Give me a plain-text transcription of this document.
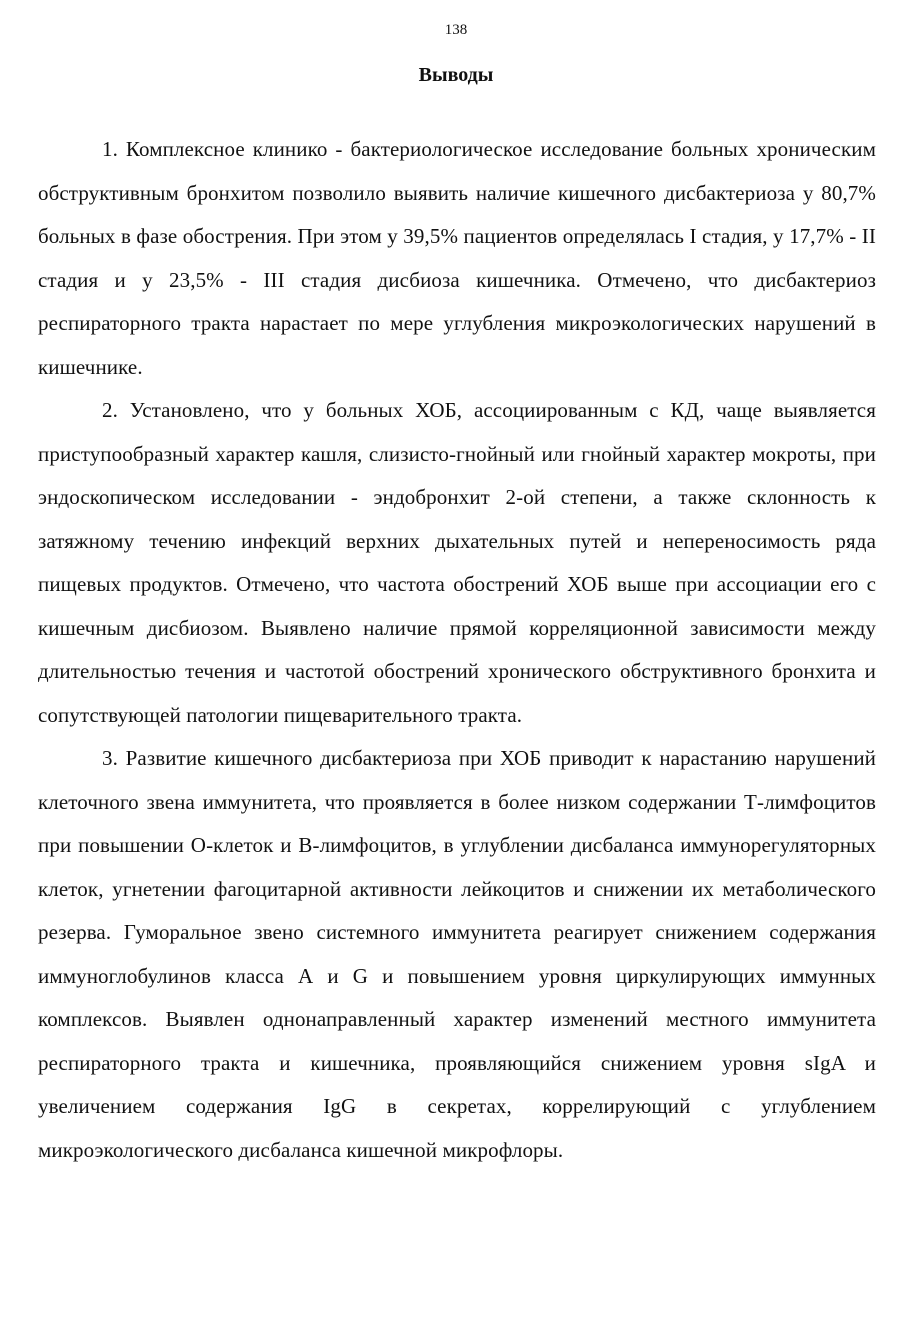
138
Выводы

1. Комплексное клинико - бактериологическое исследование больных хроническим обструктивным бронхитом позволило выявить наличие кишечного дисбактериоза у 80,7% больных в фазе обострения. При этом у 39,5% пациентов определялась I стадия, у 17,7% - II стадия и у 23,5% - III стадия дисбиоза кишечника. Отмечено, что дисбактериоз респираторного тракта нарастает по мере углубления микроэкологических нарушений в кишечнике.

2. Установлено, что у больных ХОБ, ассоциированным с КД, чаще выявляется приступообразный характер кашля, слизисто-гнойный или гнойный характер мокроты, при эндоскопическом исследовании - эндобронхит 2-ой степени, а также склонность к затяжному течению инфекций верхних дыхательных путей и непереносимость ряда пищевых продуктов. Отмечено, что частота обострений ХОБ выше при ассоциации его с кишечным дисбиозом. Выявлено наличие прямой корреляционной зависимости между длительностью течения и частотой обострений хронического обструктивного бронхита и сопутствующей патологии пищеварительного тракта.

3. Развитие кишечного дисбактериоза при ХОБ приводит к нарастанию нарушений клеточного звена иммунитета, что проявляется в более низком содержании Т-лимфоцитов при повышении О-клеток и В-лимфоцитов, в углублении дисбаланса иммунорегуляторных клеток, угнетении фагоцитарной активности лейкоцитов и снижении их метаболического резерва. Гуморальное звено системного иммунитета реагирует снижением содержания иммуноглобулинов класса А и G и повышением уровня циркулирующих иммунных комплексов. Выявлен однонаправленный характер изменений местного иммунитета респираторного тракта и кишечника, проявляющийся снижением уровня sIgA и увеличением содержания IgG в секретах, коррелирующий с углублением микроэкологического дисбаланса кишечной микрофлоры.
